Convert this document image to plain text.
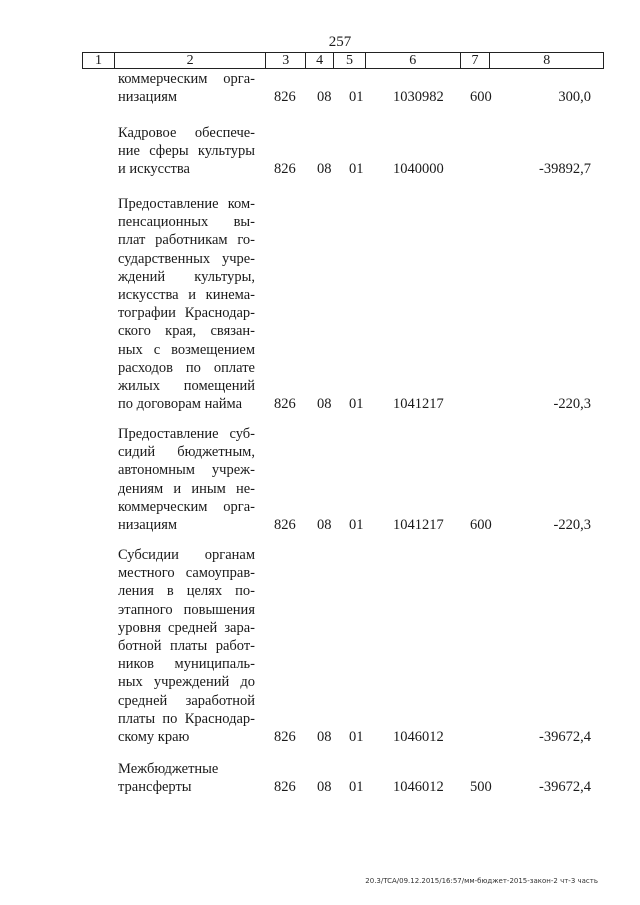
257
1	2	3	4	5	6	7	8
коммерческим орга-
низациям	826 08 01 1030982 600	300,0
Кадровое обеспече-
ние сферы культуры
и искусства	826 08 01 1040000	-39892,7
Предоставление ком-
пенсационных вы-
плат работникам го-
сударственных учре-
ждений культуры,
искусства и кинема-
тографии Краснодар-
ского края, связан-
ных с возмещением
расходов по оплате
жилых помещений
по договорам найма	826 08 01 1041217	-220,3
Предоставление суб-
сидий бюджетным,
автономным учреж-
дениям и иным не-
коммерческим орга-
низациям	826 08 01 1041217 600	-220,3
Субсидии органам
местного самоуправ-
ления в целях по-
этапного повышения
уровня средней зара-
ботной платы работ-
ников муниципаль-
ных учреждений до
средней заработной
платы по Краснодар-
скому краю	826 08 01 1046012	-39672,4
Межбюджетные
трансферты	826 08 01 1046012 500	-39672,4
20.3/TCA/09.12.2015/16:57/мм-бюджет-2015-закон-2 чт-3 часть
